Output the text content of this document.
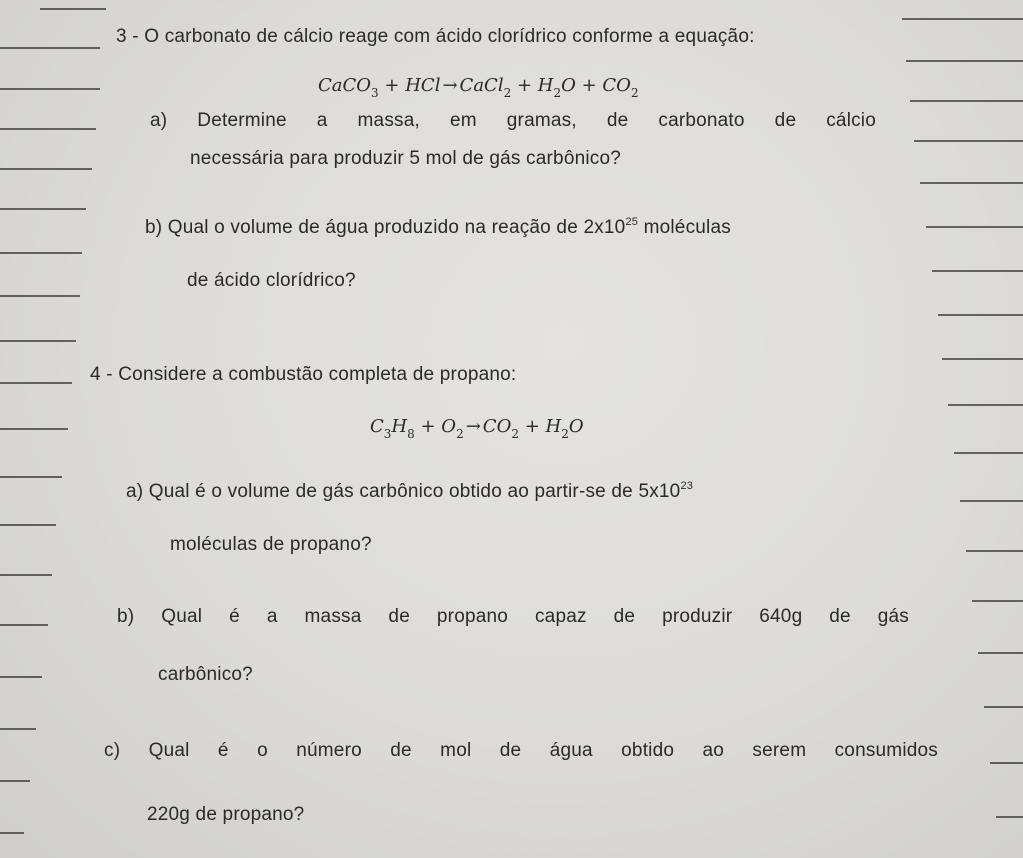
3 - O carbonato de cálcio reage com ácido clorídrico conforme a equação:
CaCO$_3$ + HCl → CaCl$_2$ + $H_2O + CO_2$
a) Determine a massa, em gramas, de carbonato de cálcio
necessária para produzir 5 mol de gás carbônico?
b) Qual o volume de água produzido na reação de $2x10^{25}$ moléculas
de ácido clorídrico?
4 - Considere a combustão completa de propano:
$C_3H_8 + O_2 \to CO_2 + H_2O$
a) Qual é o volume de gás carbônico obtido ao partir-se de $5x10^{23}$
moléculas de propano?
b) Qual é a massa de propano capaz de produzir 640g de gás
carbônico?
c) Qual é o número de mol de água obtido ao serem consumidos
220g de propano?
